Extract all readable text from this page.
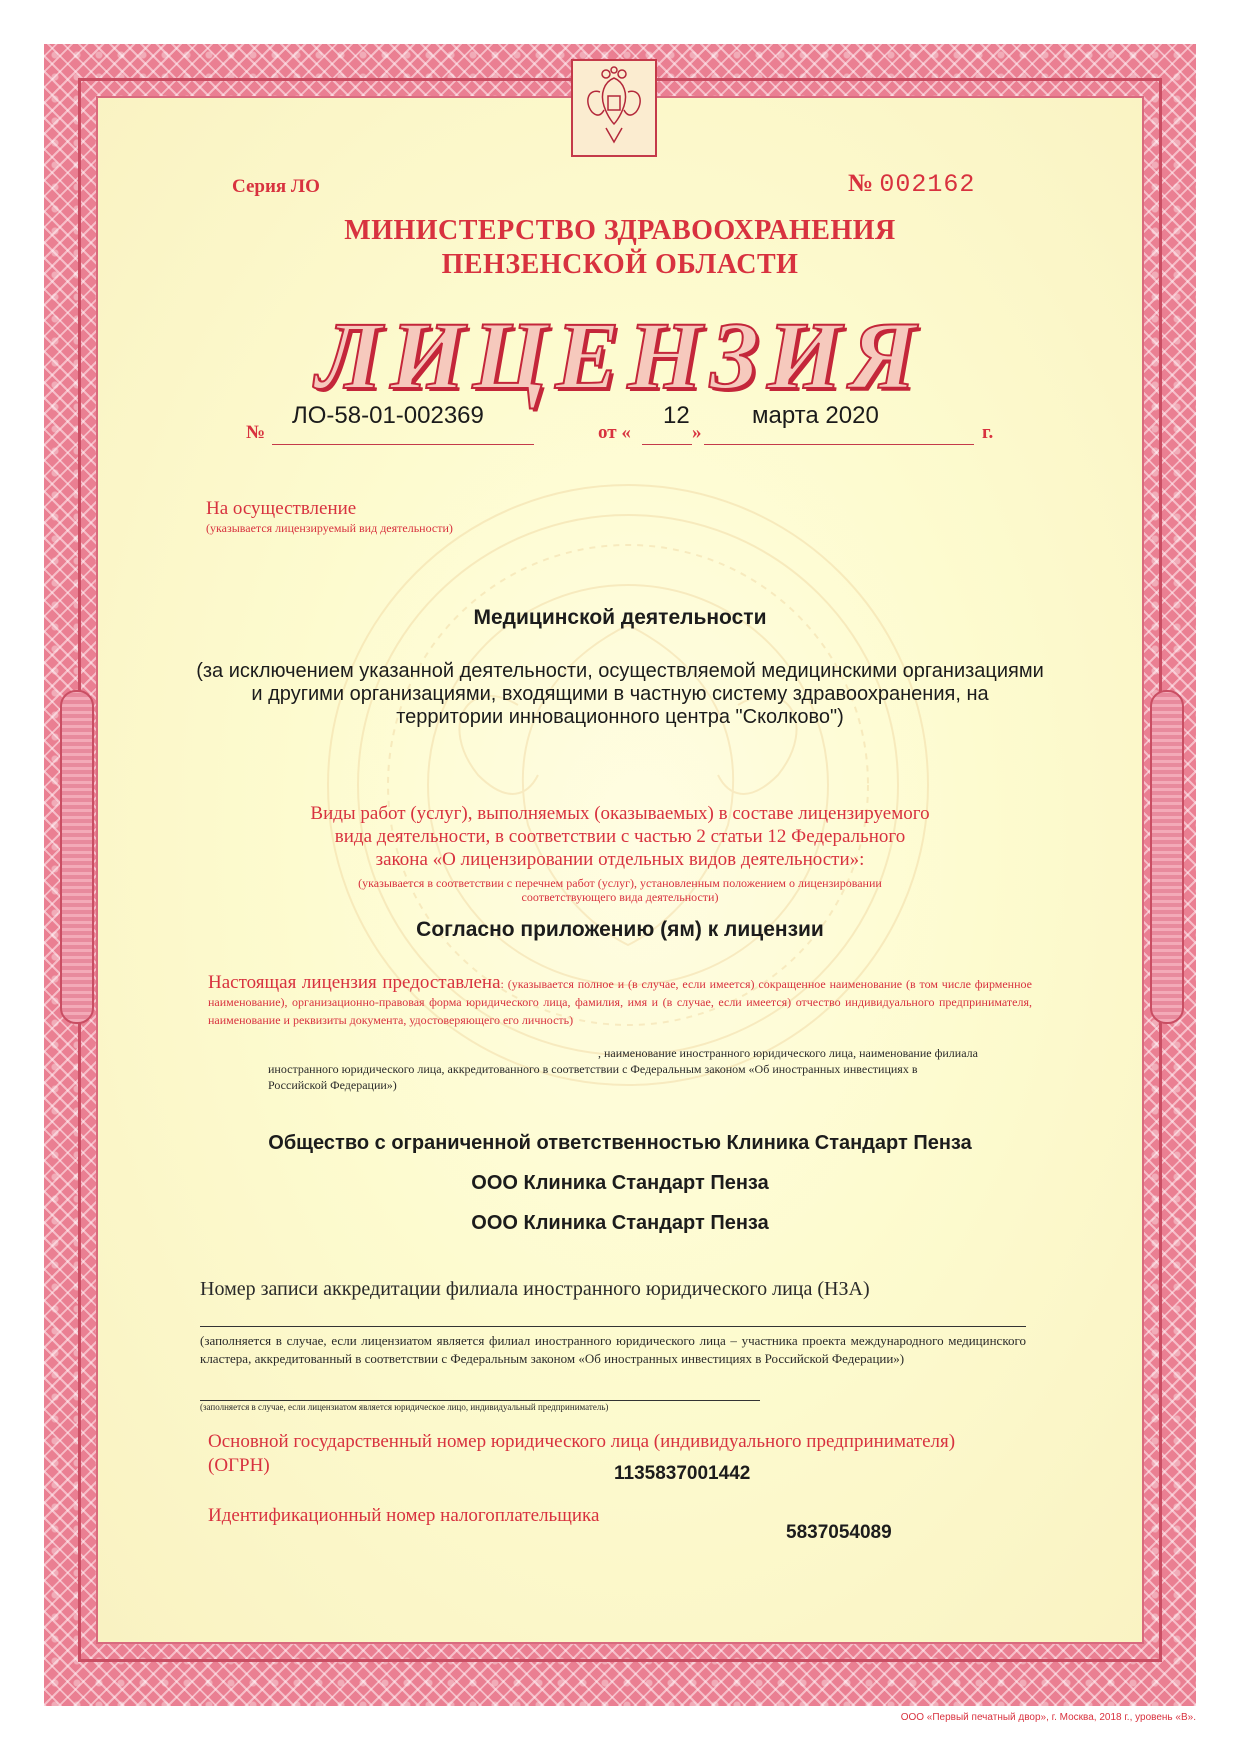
Серия ЛО	№ 002162
МИНИСТЕРСТВО ЗДРАВООХРАНЕНИЯ
ПЕНЗЕНСКОЙ ОБЛАСТИ
ЛИЦЕНЗИЯ
№
ЛО-58-01-002369
от «
12
»
марта 2020
г.
На осуществление
(указывается лицензируемый вид деятельности)
Медицинской деятельности
(за исключением указанной деятельности, осуществляемой медицинскими организациями
и другими организациями, входящими в частную систему здравоохранения, на
территории инновационного центра "Сколково")
Виды работ (услуг), выполняемых (оказываемых) в составе лицензируемого
вида деятельности, в соответствии с частью 2 статьи 12 Федерального
закона «О лицензировании отдельных видов деятельности»:
(указывается в соответствии с перечнем работ (услуг), установленным положением о лицензировании
соответствующего вида деятельности)
Согласно приложению (ям) к лицензии
Настоящая лицензия предоставлена: (указывается полное и (в случае, если имеется) сокращенное наименование (в том числе фирменное наименование), организационно-правовая форма юридического лица, фамилия, имя и (в случае, если имеется) отчество индивидуального предпринимателя, наименование и реквизиты документа, удостоверяющего его личность)
, наименование иностранного юридического лица, наименование филиала
иностранного юридического лица, аккредитованного в соответствии с Федеральным законом «Об иностранных инвестициях в
Российской Федерации»)
Общество с ограниченной ответственностью Клиника Стандарт Пенза
ООО Клиника Стандарт Пенза
ООО Клиника Стандарт Пенза
Номер записи аккредитации филиала иностранного юридического лица (НЗА)
(заполняется в случае, если лицензиатом является филиал иностранного юридического лица – участника проекта международного медицинского кластера, аккредитованный в соответствии с Федеральным законом «Об иностранных инвестициях в Российской Федерации»)
(заполняется в случае, если лицензиатом является юридическое лицо, индивидуальный предприниматель)
Основной государственный номер юридического лица (индивидуального предпринимателя)
(ОГРН)	1135837001442
Идентификационный номер налогоплательщика
5837054089
ООО «Первый печатный двор», г. Москва, 2018 г., уровень «В».
